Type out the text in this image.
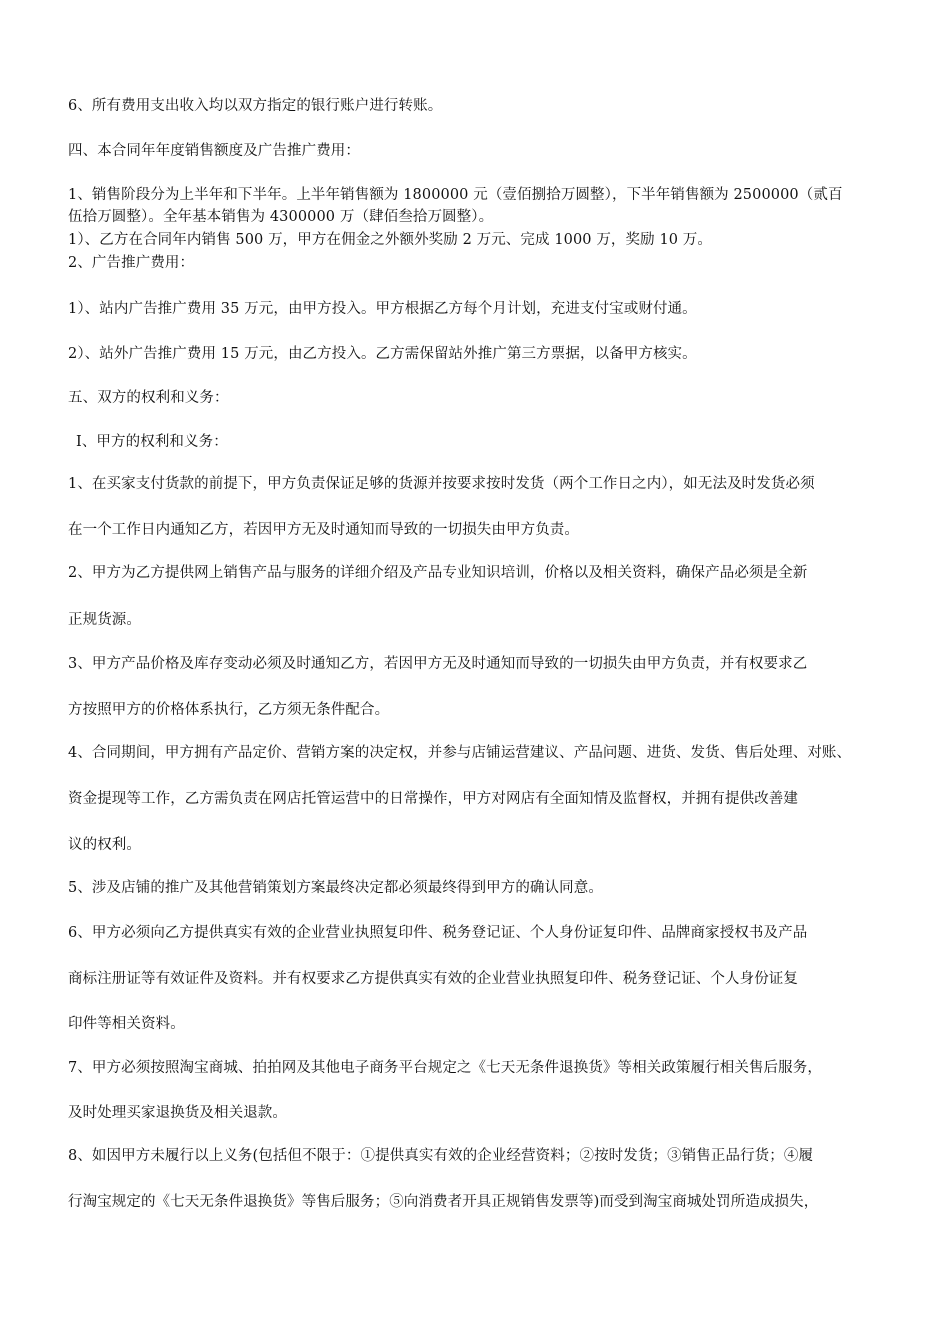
6、所有费用支出收入均以双方指定的银行账户进行转账。
四、本合同年年度销售额度及广告推广费用：
1、销售阶段分为上半年和下半年。上半年销售额为 1800000 元（壹佰捌拾万圆整），下半年销售额为 2500000（贰百
伍拾万圆整）。全年基本销售为 4300000 万（肆佰叁拾万圆整）。
1）、乙方在合同年内销售 500 万，甲方在佣金之外额外奖励 2 万元、完成 1000 万，奖励 10 万。
2、广告推广费用：
1）、站内广告推广费用 35 万元，由甲方投入。甲方根据乙方每个月计划，充进支付宝或财付通。
2）、站外广告推广费用 15 万元，由乙方投入。乙方需保留站外推广第三方票据，以备甲方核实。
五、双方的权利和义务：
I、甲方的权利和义务：
1、在买家支付货款的前提下，甲方负责保证足够的货源并按要求按时发货（两个工作日之内），如无法及时发货必须
在一个工作日内通知乙方，若因甲方无及时通知而导致的一切损失由甲方负责。
2、甲方为乙方提供网上销售产品与服务的详细介绍及产品专业知识培训，价格以及相关资料，确保产品必须是全新
正规货源。
3、甲方产品价格及库存变动必须及时通知乙方，若因甲方无及时通知而导致的一切损失由甲方负责，并有权要求乙
方按照甲方的价格体系执行，乙方须无条件配合。
4、合同期间，甲方拥有产品定价、营销方案的决定权，并参与店铺运营建议、产品问题、进货、发货、售后处理、对账、
资金提现等工作，乙方需负责在网店托管运营中的日常操作，甲方对网店有全面知情及监督权，并拥有提供改善建
议的权利。
5、涉及店铺的推广及其他营销策划方案最终决定都必须最终得到甲方的确认同意。
6、甲方必须向乙方提供真实有效的企业营业执照复印件、税务登记证、个人身份证复印件、品牌商家授权书及产品
商标注册证等有效证件及资料。并有权要求乙方提供真实有效的企业营业执照复印件、税务登记证、个人身份证复
印件等相关资料。
7、甲方必须按照淘宝商城、拍拍网及其他电子商务平台规定之《七天无条件退换货》等相关政策履行相关售后服务，
及时处理买家退换货及相关退款。
8、如因甲方未履行以上义务(包括但不限于：①提供真实有效的企业经营资料；②按时发货；③销售正品行货；④履
行淘宝规定的《七天无条件退换货》等售后服务；⑤向消费者开具正规销售发票等)而受到淘宝商城处罚所造成损失，
